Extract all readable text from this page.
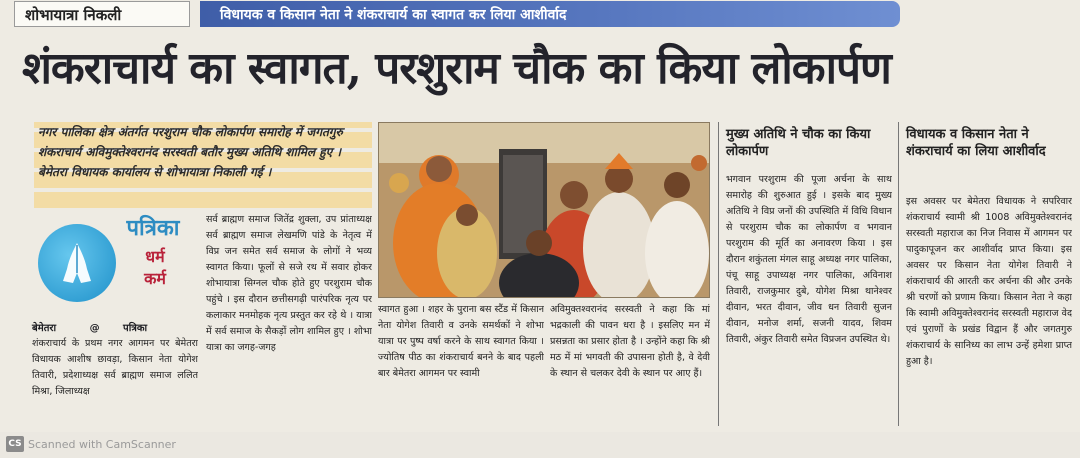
शोभायात्रा निकली	विधायक व किसान नेता ने शंकराचार्य का स्वागत कर लिया आशीर्वाद
शंकराचार्य का स्वागत, परशुराम चौक का किया लोकार्पण
नगर पालिका क्षेत्र अंतर्गत परशुराम चौक लोकार्पण समारोह में जगतगुरु शंकराचार्य अविमुक्तेश्वरानंद सरस्वती बतौर मुख्य अतिथि शामिल हुए । बेमेतरा विधायक कार्यालय से शोभायात्रा निकाली गई ।
पत्रिका
धर्म
कर्म
बेमेतरा	@ पत्रिका
शंकराचार्य के प्रथम नगर आगमन पर बेमेतरा विधायक आशीष छावड़ा, किसान नेता योगेश तिवारी, प्रदेशाध्यक्ष सर्व ब्राह्मण समाज ललित मिश्रा, जिलाध्यक्ष
सर्व ब्राह्मण समाज जितेंद्र शुक्ला, उप प्रांताध्यक्ष सर्व ब्राह्मण समाज लेखमणि पांडे के नेतृत्व में विप्र जन समेत सर्व समाज के लोगों ने भव्य स्वागत किया। फूलों से सजे रथ में सवार होकर शोभायात्रा सिग्नल चौक होते हुए परशुराम चौक पहुंचे । इस दौरान छत्तीसगढ़ी पारंपरिक नृत्य पर कलाकार मनमोहक नृत्य प्रस्तुत कर रहे थे । यात्रा में सर्व समाज के सैकड़ों लोग शामिल हुए । शोभा यात्रा का जगह-जगह
स्वागत हुआ । शहर के पुराना बस स्टैंड में किसान नेता योगेश तिवारी व उनके समर्थकों ने शोभा यात्रा पर पुष्प वर्षा करने के साथ स्वागत किया । ज्योतिष पीठ का शंकराचार्य बनने के बाद पहली बार बेमेतरा आगमन पर स्वामी
अविमुक्तश्वरानंद सरस्वती ने कहा कि मां भद्रकाली की पावन धरा है । इसलिए मन में प्रसन्नता का प्रसार होता है । उन्होंने कहा कि श्री मठ में मां भगवती की उपासना होती है, वे देवी के स्थान से चलकर देवी के स्थान पर आए हैं।
मुख्य अतिथि ने चौक का किया लोकार्पण
भगवान परशुराम की पूजा अर्चना के साथ समारोह की शुरुआत हुई । इसके बाद मुख्य अतिथि ने विप्र जनों की उपस्थिति में विधि विधान से परशुराम चौक का लोकार्पण व भगवान परशुराम की मूर्ति का अनावरण किया । इस दौरान शकुंतला मंगल साहू अध्यक्ष नगर पालिका, पंचू साहू उपाध्यक्ष नगर पालिका, अविनाश तिवारी, राजकुमार दुबे, योगेश मिश्रा थानेश्वर दीवान, भरत दीवान, जीव धन तिवारी सुजन दीवान, मनोज शर्मा, सजनी यादव, शिवम तिवारी, अंकुर तिवारी समेत विप्रजन उपस्थित थे।
विधायक व किसान नेता ने शंकराचार्य का लिया आशीर्वाद
इस अवसर पर बेमेतरा विधायक ने सपरिवार शंकराचार्य स्वामी श्री 1008 अविमुक्तेश्वरानंद सरस्वती महाराज का निज निवास में आगमन पर पादुकापूजन कर आशीर्वाद प्राप्त किया। इस अवसर पर किसान नेता योगेश तिवारी ने शंकराचार्य की आरती कर अर्चना की और उनके श्री चरणों को प्रणाम किया। किसान नेता ने कहा कि स्वामी अविमुक्तेश्वरानंद सरस्वती महाराज वेद एवं पुराणों के प्रखंड विद्वान हैं और जगतगुरु शंकराचार्य के सानिध्य का लाभ उन्हें हमेशा प्राप्त हुआ है।
CS Scanned with CamScanner
